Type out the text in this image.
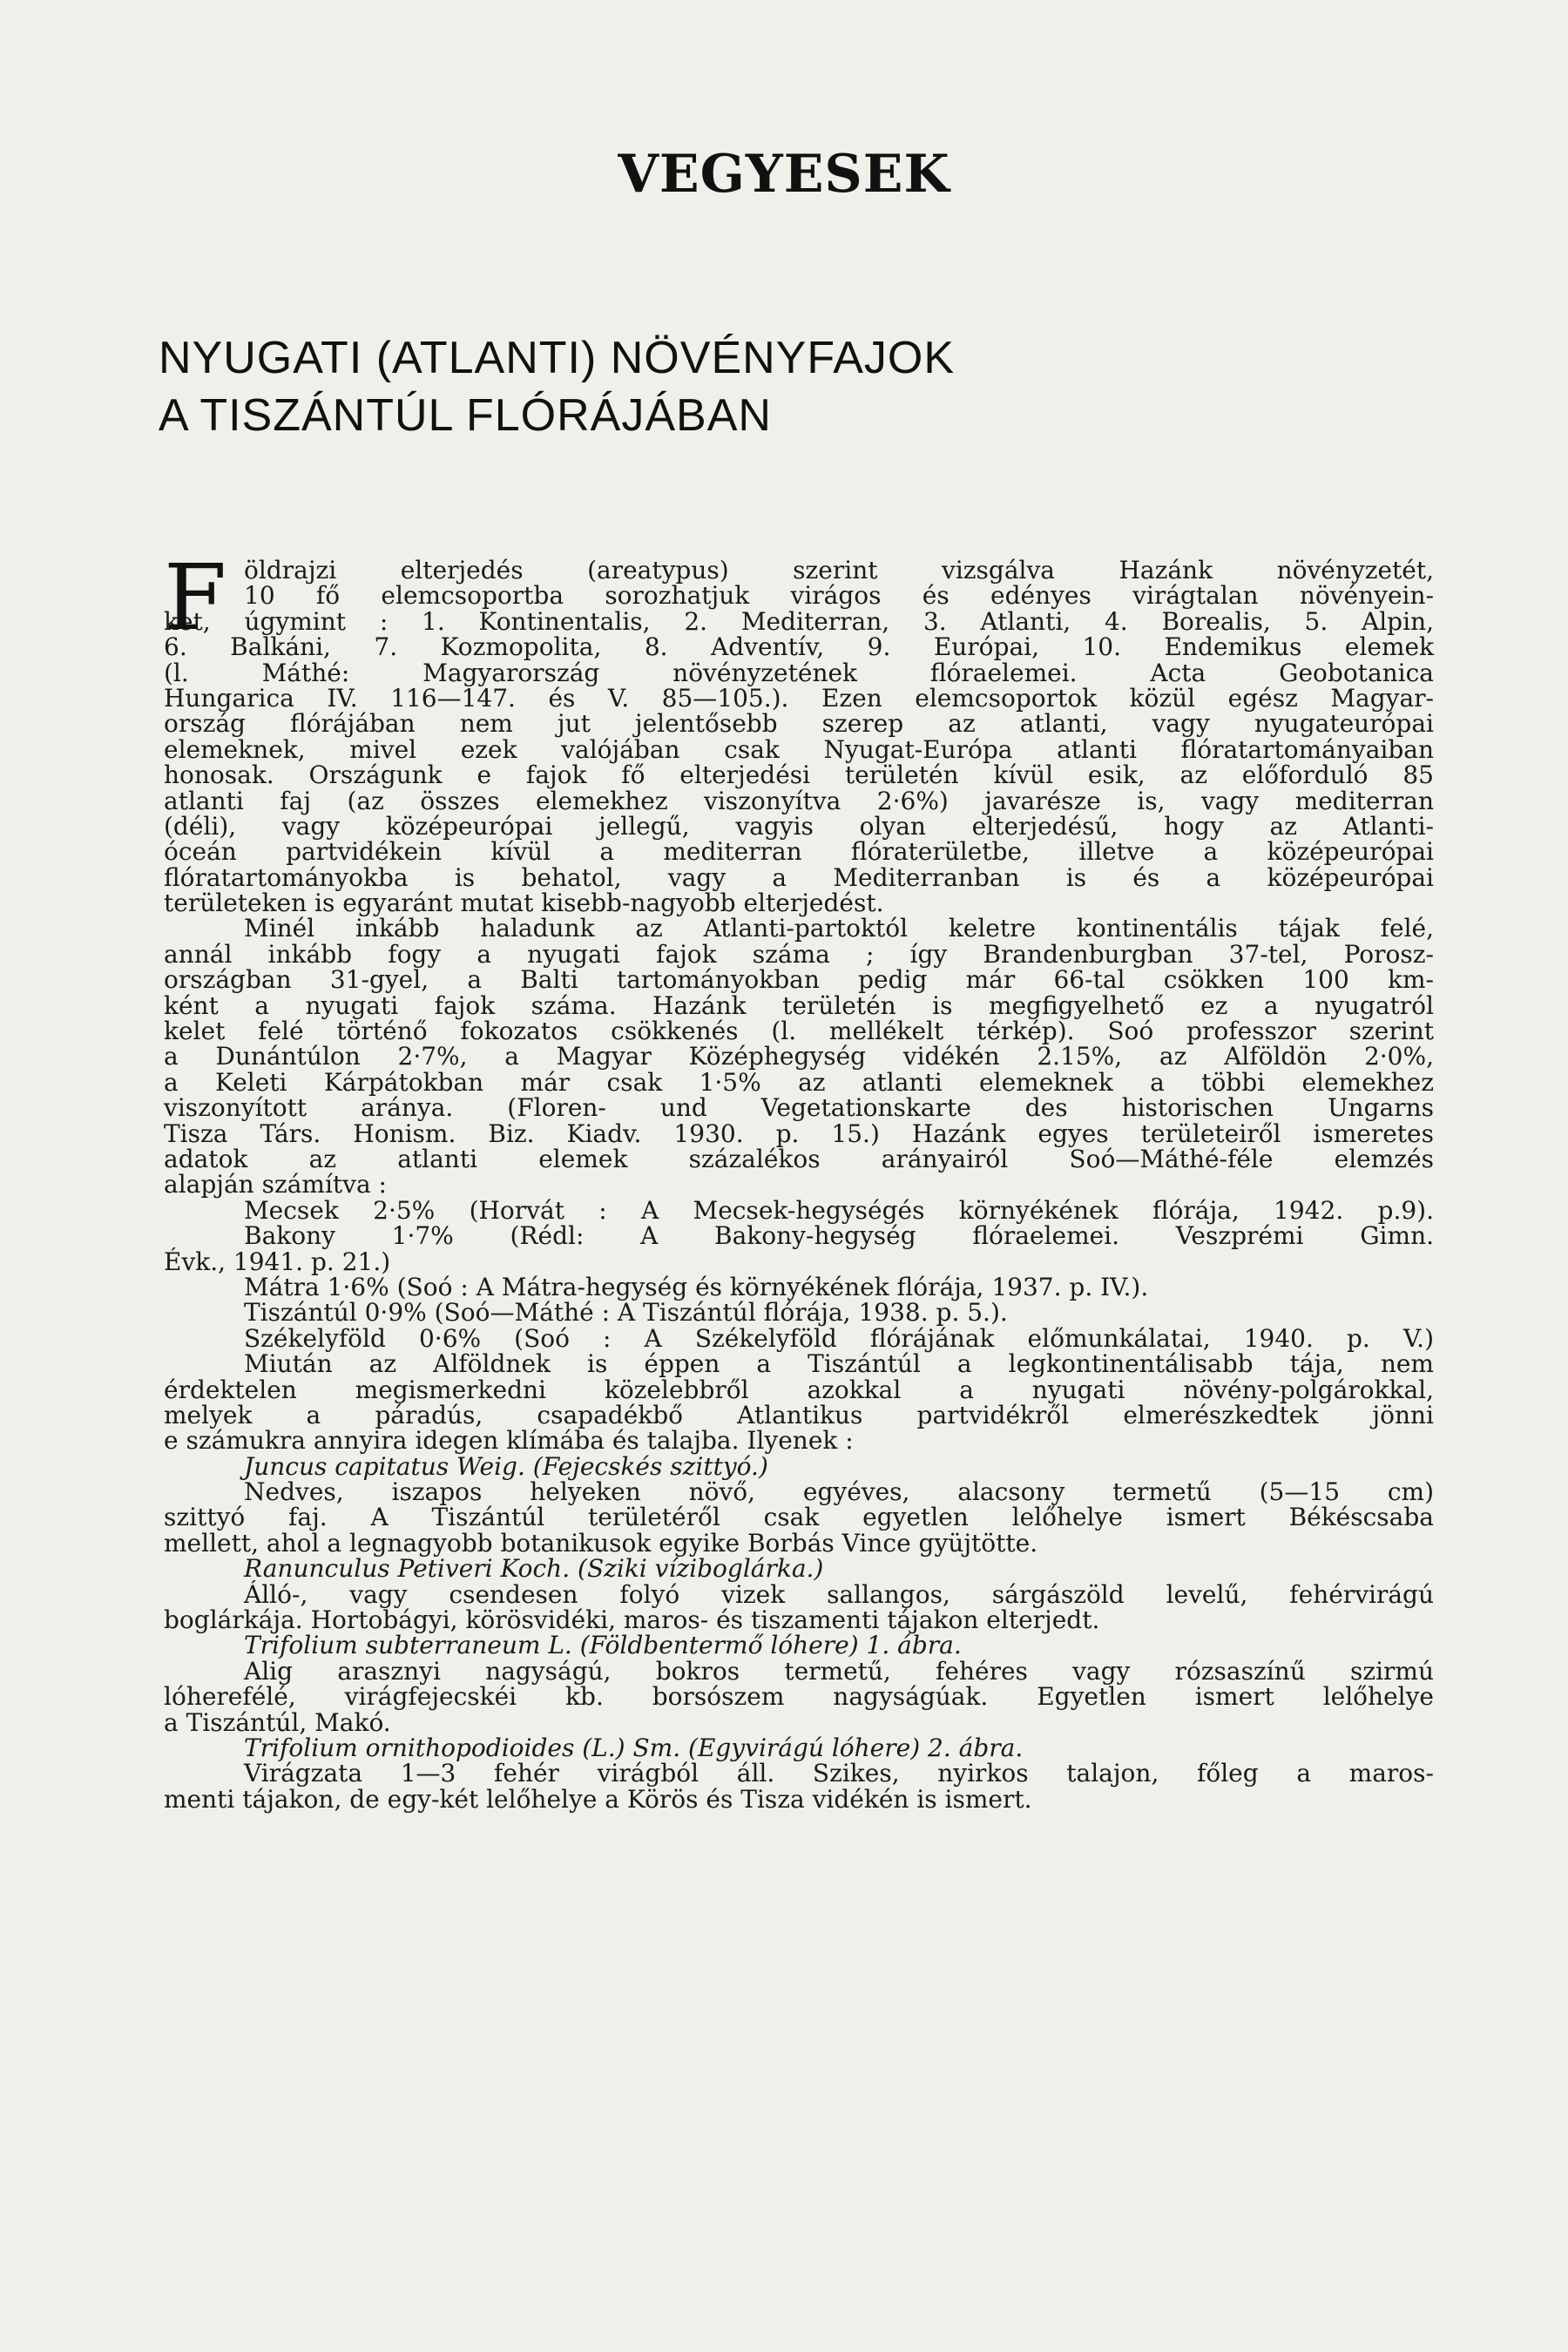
VEGYESEK
NYUGATI (ATLANTI) NÖVÉNYFAJOK
A TISZÁNTÚL FLÓRÁJÁBAN
F öldrajzi elterjedés (areatypus) szerint vizsgálva Hazánk növényzetét,
10 fő elemcsoportba sorozhatjuk virágos és edényes virágtalan növényein-
ket, úgymint : 1. Kontinentalis, 2. Mediterran, 3. Atlanti, 4. Borealis, 5. Alpin,
6. Balkáni, 7. Kozmopolita, 8. Adventív, 9. Európai, 10. Endemikus elemek
(l. Máthé: Magyarország növényzetének flóraelemei. Acta Geobotanica
Hungarica IV. 116—147. és V. 85—105.). Ezen elemcsoportok közül egész Magyar-
ország flórájában nem jut jelentősebb szerep az atlanti, vagy nyugateurópai
elemeknek, mivel ezek valójában csak Nyugat-Európa atlanti flóratartományaiban
honosak. Országunk e fajok fő elterjedési területén kívül esik, az előforduló 85
atlanti faj (az összes elemekhez viszonyítva 2·6%) javarésze is, vagy mediterran
(déli), vagy középeurópai jellegű, vagyis olyan elterjedésű, hogy az Atlanti-
óceán partvidékein kívül a mediterran flóraterületbe, illetve a középeurópai
flóratartományokba is behatol, vagy a Mediterranban is és a középeurópai
területeken is egyaránt mutat kisebb-nagyobb elterjedést.
Minél inkább haladunk az Atlanti-partoktól keletre kontinentális tájak felé,
annál inkább fogy a nyugati fajok száma ; így Brandenburgban 37-tel, Porosz-
országban 31-gyel, a Balti tartományokban pedig már 66-tal csökken 100 km-
ként a nyugati fajok száma. Hazánk területén is megfigyelhető ez a nyugatról
kelet felé történő fokozatos csökkenés (l. mellékelt térkép). Soó professzor szerint
a Dunántúlon 2·7%, a Magyar Középhegység vidékén 2.15%, az Alföldön 2·0%,
a Keleti Kárpátokban már csak 1·5% az atlanti elemeknek a többi elemekhez
viszonyított aránya. (Floren- und Vegetationskarte des historischen Ungarns
Tisza Társ. Honism. Biz. Kiadv. 1930. p. 15.) Hazánk egyes területeiről ismeretes
adatok az atlanti elemek százalékos arányairól Soó—Máthé-féle elemzés
alapján számítva :
Mecsek 2·5% (Horvát : A Mecsek-hegységés környékének flórája, 1942. p.9).
Bakony 1·7% (Rédl: A Bakony-hegység flóraelemei. Veszprémi Gimn.
Évk., 1941. p. 21.)
Mátra 1·6% (Soó : A Mátra-hegység és környékének flórája, 1937. p. IV.).
Tiszántúl 0·9% (Soó—Máthé : A Tiszántúl flórája, 1938. p. 5.).
Székelyföld 0·6% (Soó : A Székelyföld flórájának előmunkálatai, 1940. p. V.)
Miután az Alföldnek is éppen a Tiszántúl a legkontinentálisabb tája, nem
érdektelen megismerkedni közelebbről azokkal a nyugati növény-polgárokkal,
melyek a páradús, csapadékbő Atlantikus partvidékről elmerészkedtek jönni
e számukra annyira idegen klímába és talajba. Ilyenek :
Juncus capitatus Weig. (Fejecskés szittyó.)
Nedves, iszapos helyeken növő, egyéves, alacsony termetű (5—15 cm)
szittyó faj. A Tiszántúl területéről csak egyetlen lelőhelye ismert Békéscsaba
mellett, ahol a legnagyobb botanikusok egyike Borbás Vince gyüjtötte.
Ranunculus Petiveri Koch. (Sziki víziboglárka.)
Álló-, vagy csendesen folyó vizek sallangos, sárgászöld levelű, fehérvirágú
boglárkája. Hortobágyi, körösvidéki, maros- és tiszamenti tájakon elterjedt.
Trifolium subterraneum L. (Földbentermő lóhere) 1. ábra.
Alig arasznyi nagyságú, bokros termetű, fehéres vagy rózsaszínű szirmú
lóherefélé, virágfejecskéi kb. borsószem nagyságúak. Egyetlen ismert lelőhelye
a Tiszántúl, Makó.
Trifolium ornithopodioides (L.) Sm. (Egyvirágú lóhere) 2. ábra.
Virágzata 1—3 fehér virágból áll. Szikes, nyirkos talajon, főleg a maros-
menti tájakon, de egy-két lelőhelye a Körös és Tisza vidékén is ismert.
